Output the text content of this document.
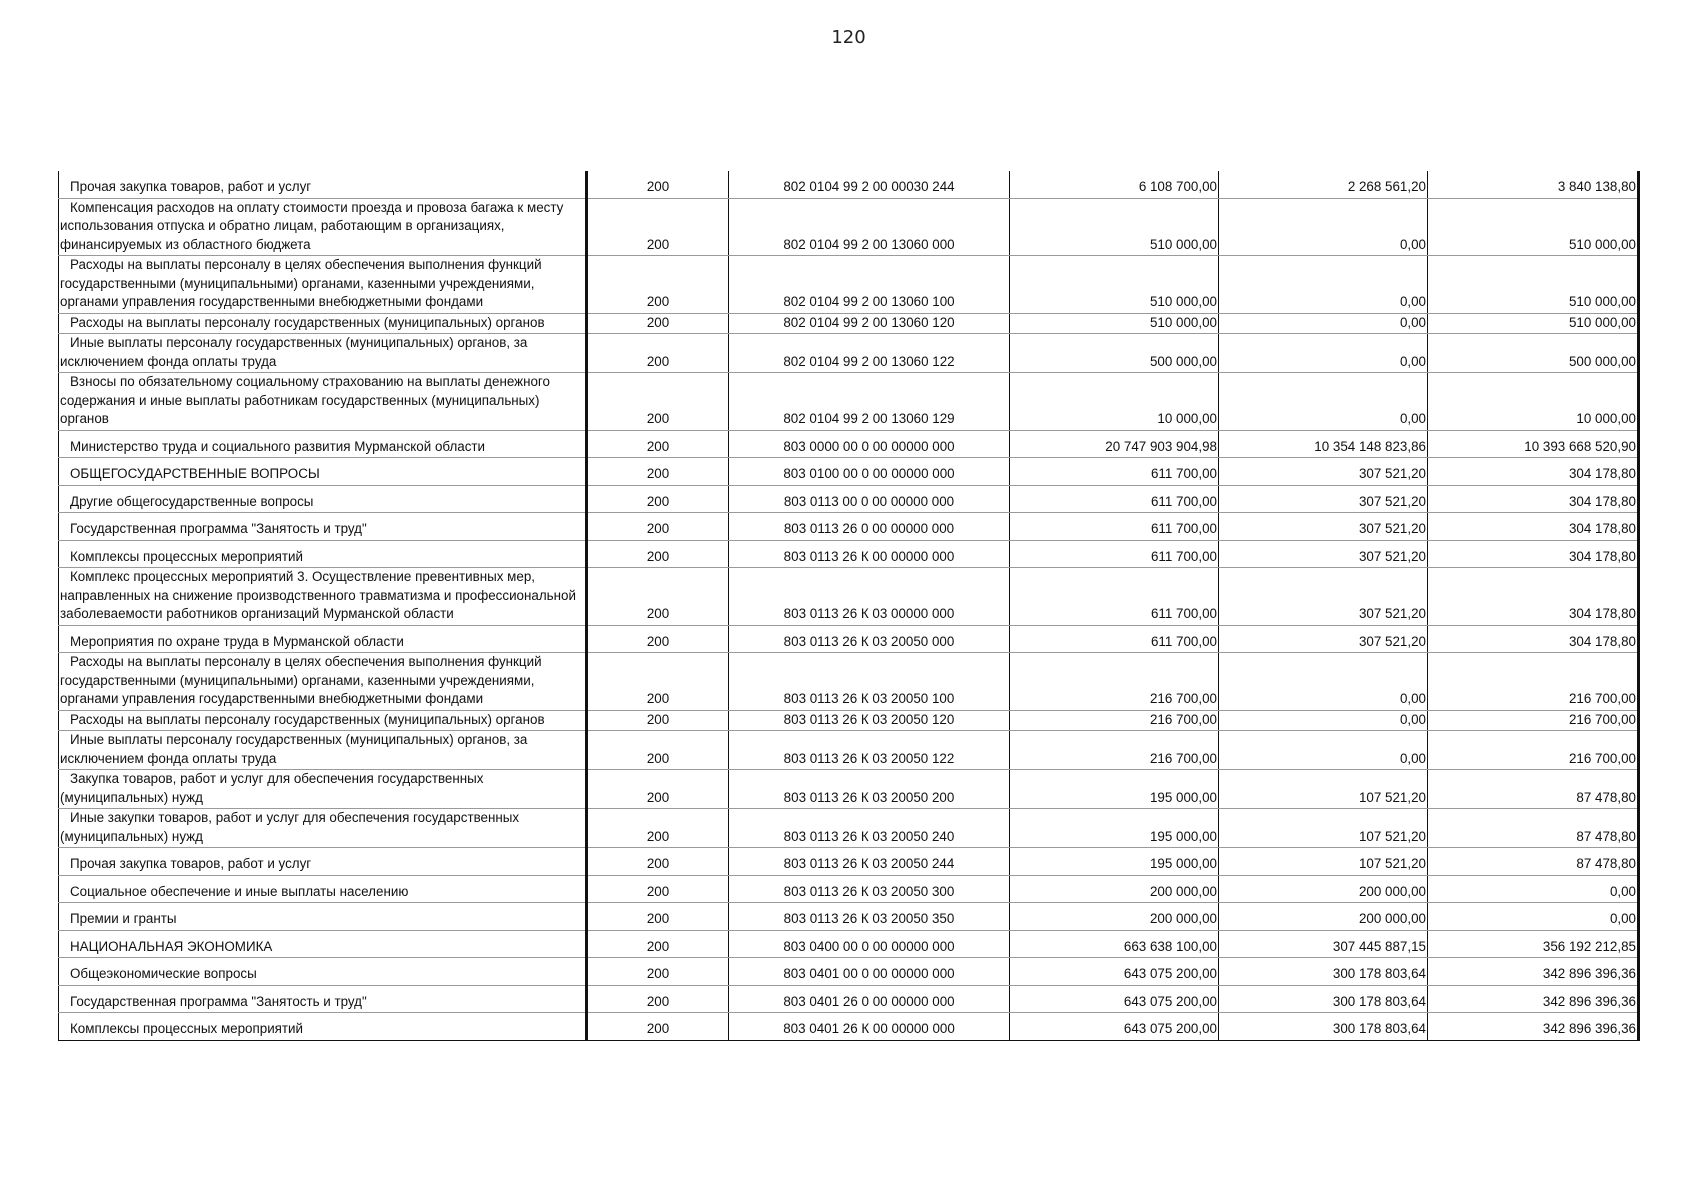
120
Прочая закупка товаров, работ и услуг	200	802 0104 99 2 00 00030 244	6 108 700,00	2 268 561,20	3 840 138,80
Компенсация расходов на оплату стоимости проезда и провоза багажа к месту использования отпуска и обратно лицам, работающим в организациях, финансируемых из областного бюджета	200	802 0104 99 2 00 13060 000	510 000,00	0,00	510 000,00
Расходы на выплаты персоналу в целях обеспечения выполнения функций государственными (муниципальными) органами, казенными учреждениями, органами управления государственными внебюджетными фондами	200	802 0104 99 2 00 13060 100	510 000,00	0,00	510 000,00
Расходы на выплаты персоналу государственных (муниципальных) органов	200	802 0104 99 2 00 13060 120	510 000,00	0,00	510 000,00
Иные выплаты персоналу государственных (муниципальных) органов, за исключением фонда оплаты труда	200	802 0104 99 2 00 13060 122	500 000,00	0,00	500 000,00
Взносы по обязательному социальному страхованию на выплаты денежного содержания и иные выплаты работникам государственных (муниципальных) органов	200	802 0104 99 2 00 13060 129	10 000,00	0,00	10 000,00
Министерство труда и социального развития Мурманской области	200	803 0000 00 0 00 00000 000	20 747 903 904,98	10 354 148 823,86	10 393 668 520,90
ОБЩЕГОСУДАРСТВЕННЫЕ ВОПРОСЫ	200	803 0100 00 0 00 00000 000	611 700,00	307 521,20	304 178,80
Другие общегосударственные вопросы	200	803 0113 00 0 00 00000 000	611 700,00	307 521,20	304 178,80
Государственная программа "Занятость и труд"	200	803 0113 26 0 00 00000 000	611 700,00	307 521,20	304 178,80
Комплексы процессных мероприятий	200	803 0113 26 К 00 00000 000	611 700,00	307 521,20	304 178,80
Комплекс процессных мероприятий 3. Осуществление превентивных мер, направленных на снижение производственного травматизма и профессиональной заболеваемости работников организаций Мурманской области	200	803 0113 26 К 03 00000 000	611 700,00	307 521,20	304 178,80
Мероприятия по охране труда в Мурманской области	200	803 0113 26 К 03 20050 000	611 700,00	307 521,20	304 178,80
Расходы на выплаты персоналу в целях обеспечения выполнения функций государственными (муниципальными) органами, казенными учреждениями, органами управления государственными внебюджетными фондами	200	803 0113 26 К 03 20050 100	216 700,00	0,00	216 700,00
Расходы на выплаты персоналу государственных (муниципальных) органов	200	803 0113 26 К 03 20050 120	216 700,00	0,00	216 700,00
Иные выплаты персоналу государственных (муниципальных) органов, за исключением фонда оплаты труда	200	803 0113 26 К 03 20050 122	216 700,00	0,00	216 700,00
Закупка товаров, работ и услуг для обеспечения государственных (муниципальных) нужд	200	803 0113 26 К 03 20050 200	195 000,00	107 521,20	87 478,80
Иные закупки товаров, работ и услуг для обеспечения государственных (муниципальных) нужд	200	803 0113 26 К 03 20050 240	195 000,00	107 521,20	87 478,80
Прочая закупка товаров, работ и услуг	200	803 0113 26 К 03 20050 244	195 000,00	107 521,20	87 478,80
Социальное обеспечение и иные выплаты населению	200	803 0113 26 К 03 20050 300	200 000,00	200 000,00	0,00
Премии и гранты	200	803 0113 26 К 03 20050 350	200 000,00	200 000,00	0,00
НАЦИОНАЛЬНАЯ ЭКОНОМИКА	200	803 0400 00 0 00 00000 000	663 638 100,00	307 445 887,15	356 192 212,85
Общеэкономические вопросы	200	803 0401 00 0 00 00000 000	643 075 200,00	300 178 803,64	342 896 396,36
Государственная программа "Занятость и труд"	200	803 0401 26 0 00 00000 000	643 075 200,00	300 178 803,64	342 896 396,36
Комплексы процессных мероприятий	200	803 0401 26 К 00 00000 000	643 075 200,00	300 178 803,64	342 896 396,36
